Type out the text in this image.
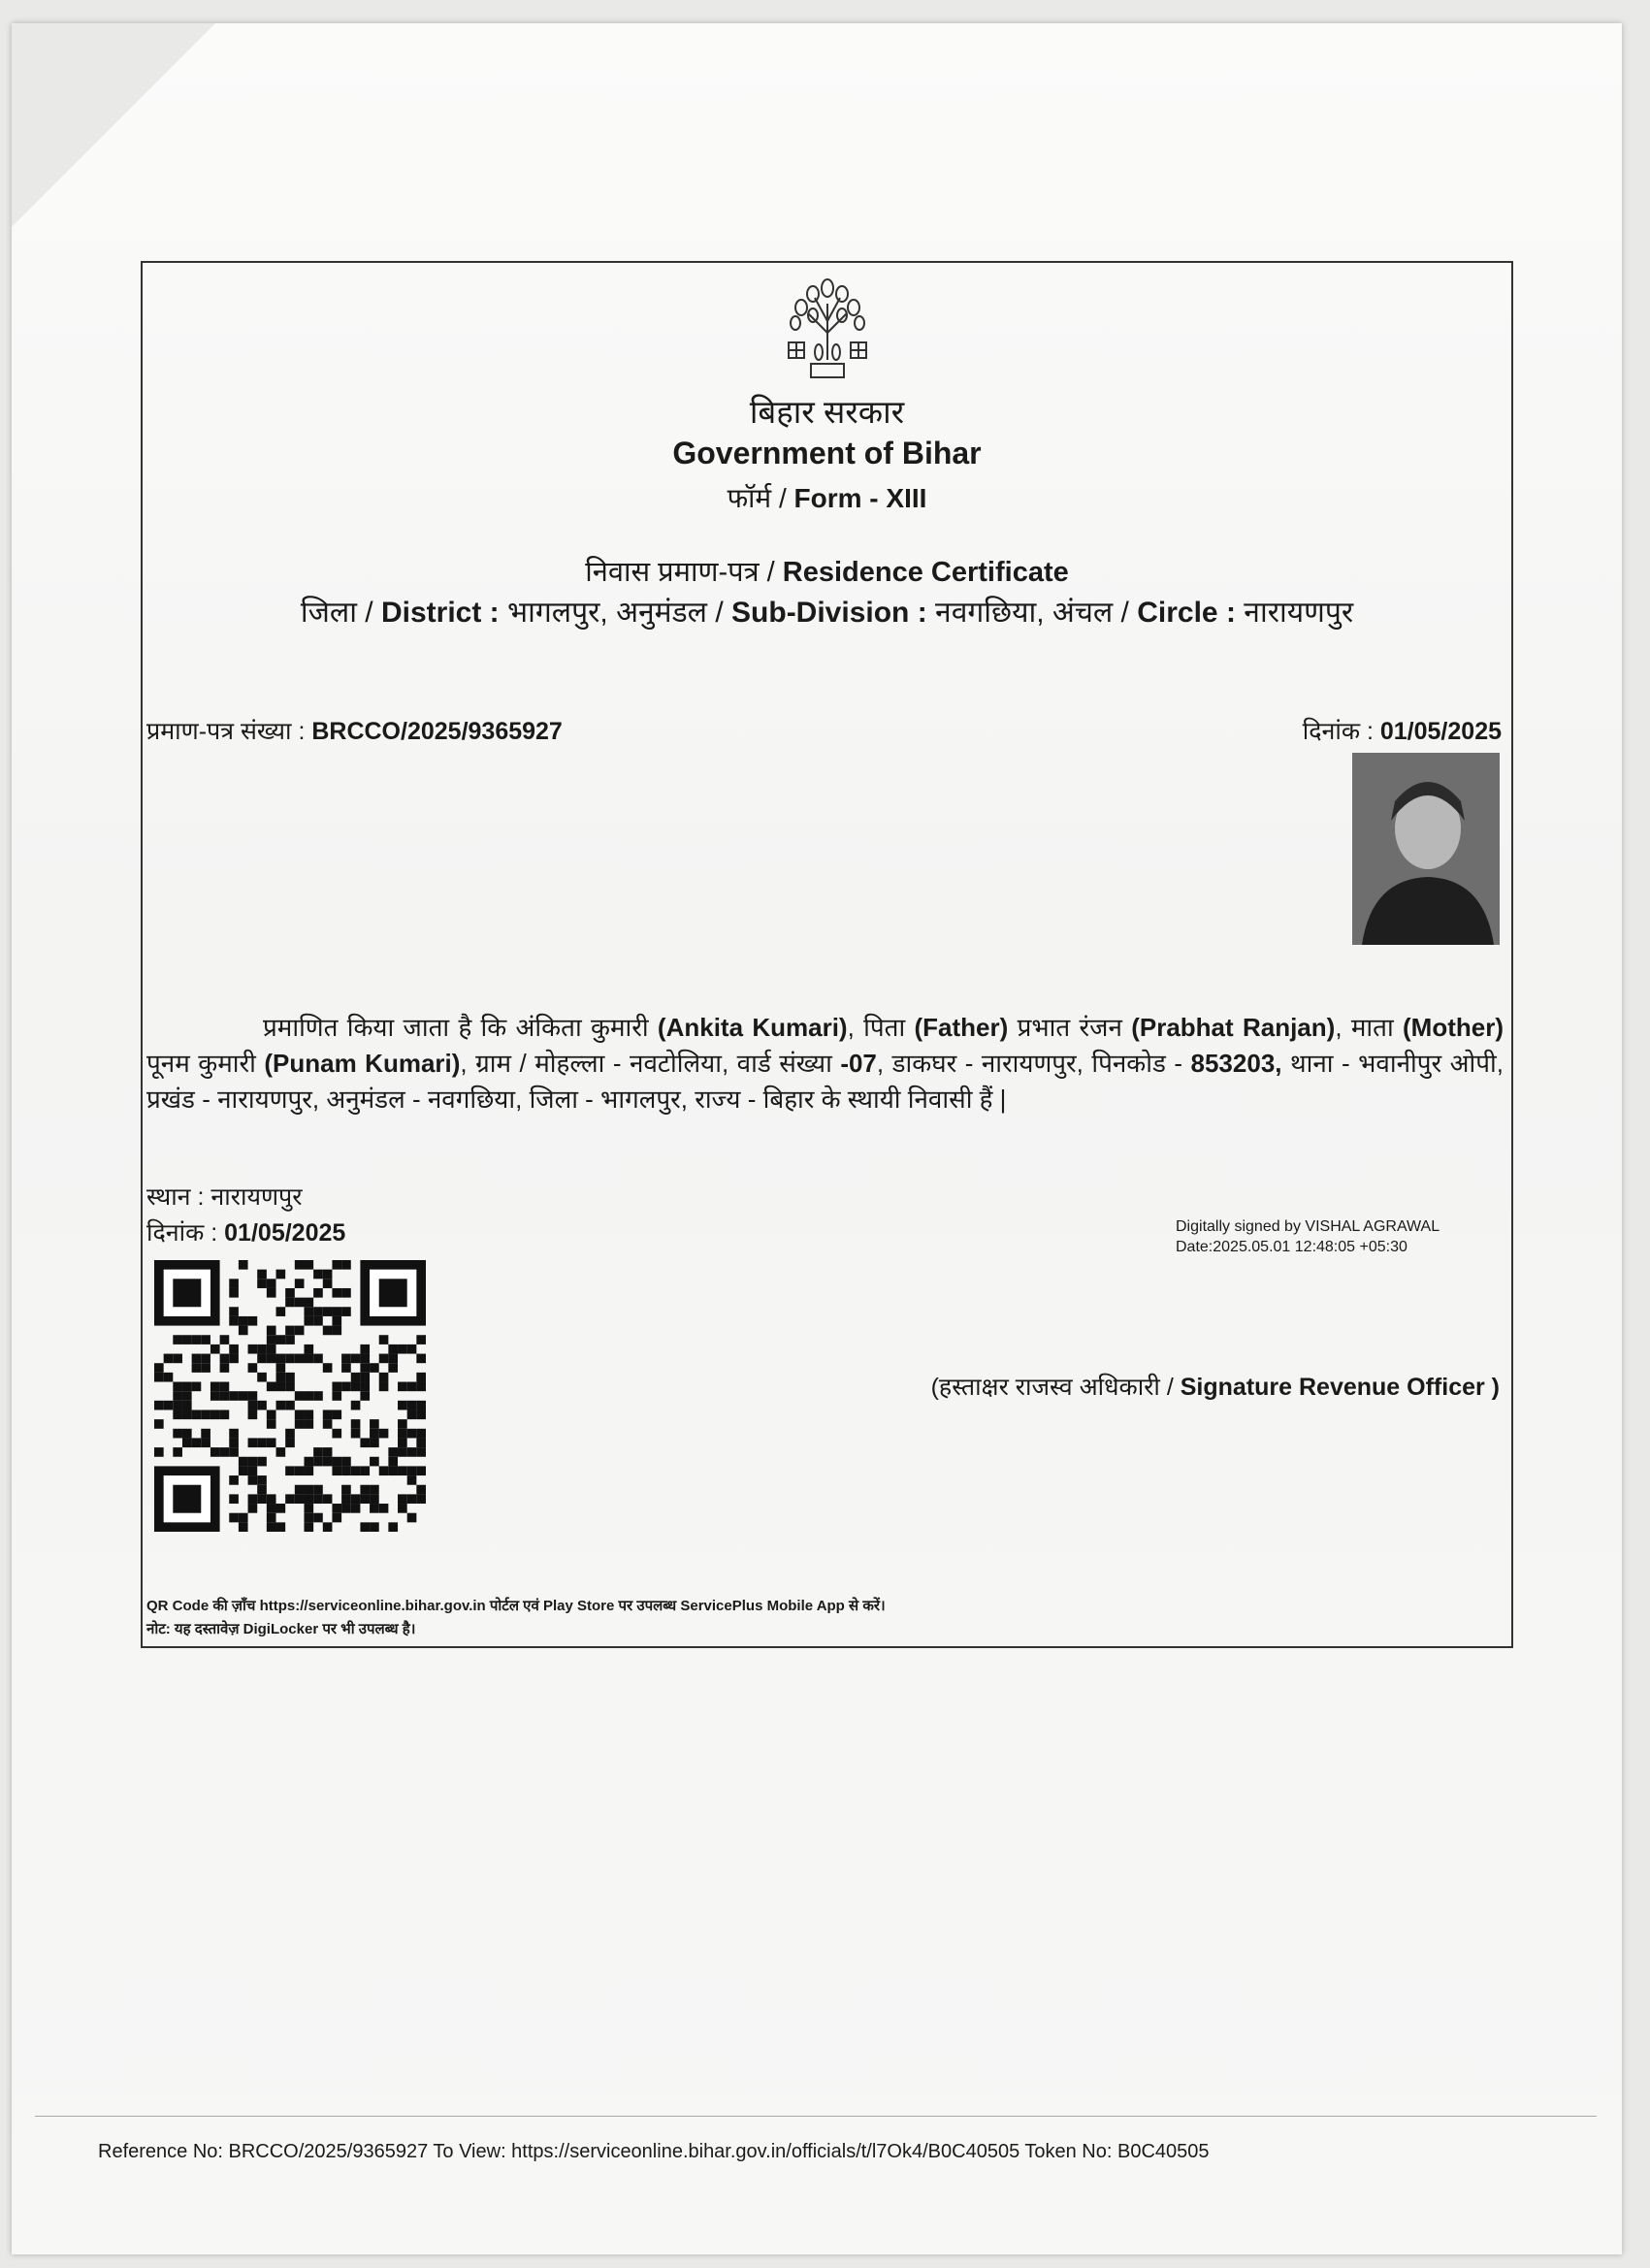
बिहार सरकार
Government of Bihar
फॉर्म / Form - XIII
निवास प्रमाण-पत्र / Residence Certificate
जिला / District : भागलपुर, अनुमंडल / Sub-Division : नवगछिया, अंचल / Circle : नारायणपुर
प्रमाण-पत्र संख्या : BRCCO/2025/9365927	दिनांक : 01/05/2025
प्रमाणित किया जाता है कि अंकिता कुमारी (Ankita Kumari), पिता (Father) प्रभात रंजन (Prabhat Ranjan), माता (Mother) पूनम कुमारी (Punam Kumari), ग्राम / मोहल्ला - नवटोलिया, वार्ड संख्या -07, डाकघर - नारायणपुर, पिनकोड - 853203, थाना - भवानीपुर ओपी, प्रखंड - नारायणपुर, अनुमंडल - नवगछिया, जिला - भागलपुर, राज्य - बिहार के स्थायी निवासी हैं |
स्थान : नारायणपुर
दिनांक : 01/05/2025	Digitally signed by VISHAL AGRAWAL
Date:2025.05.01 12:48:05 +05:30
(हस्ताक्षर राजस्व अधिकारी / Signature Revenue Officer )
QR Code की ज़ाँच https://serviceonline.bihar.gov.in पोर्टल एवं Play Store पर उपलब्ध ServicePlus Mobile App से करें।
नोट: यह दस्तावेज़ DigiLocker पर भी उपलब्ध है।
Reference No: BRCCO/2025/9365927 To View: https://serviceonline.bihar.gov.in/officials/t/l7Ok4/B0C40505 Token No: B0C40505
